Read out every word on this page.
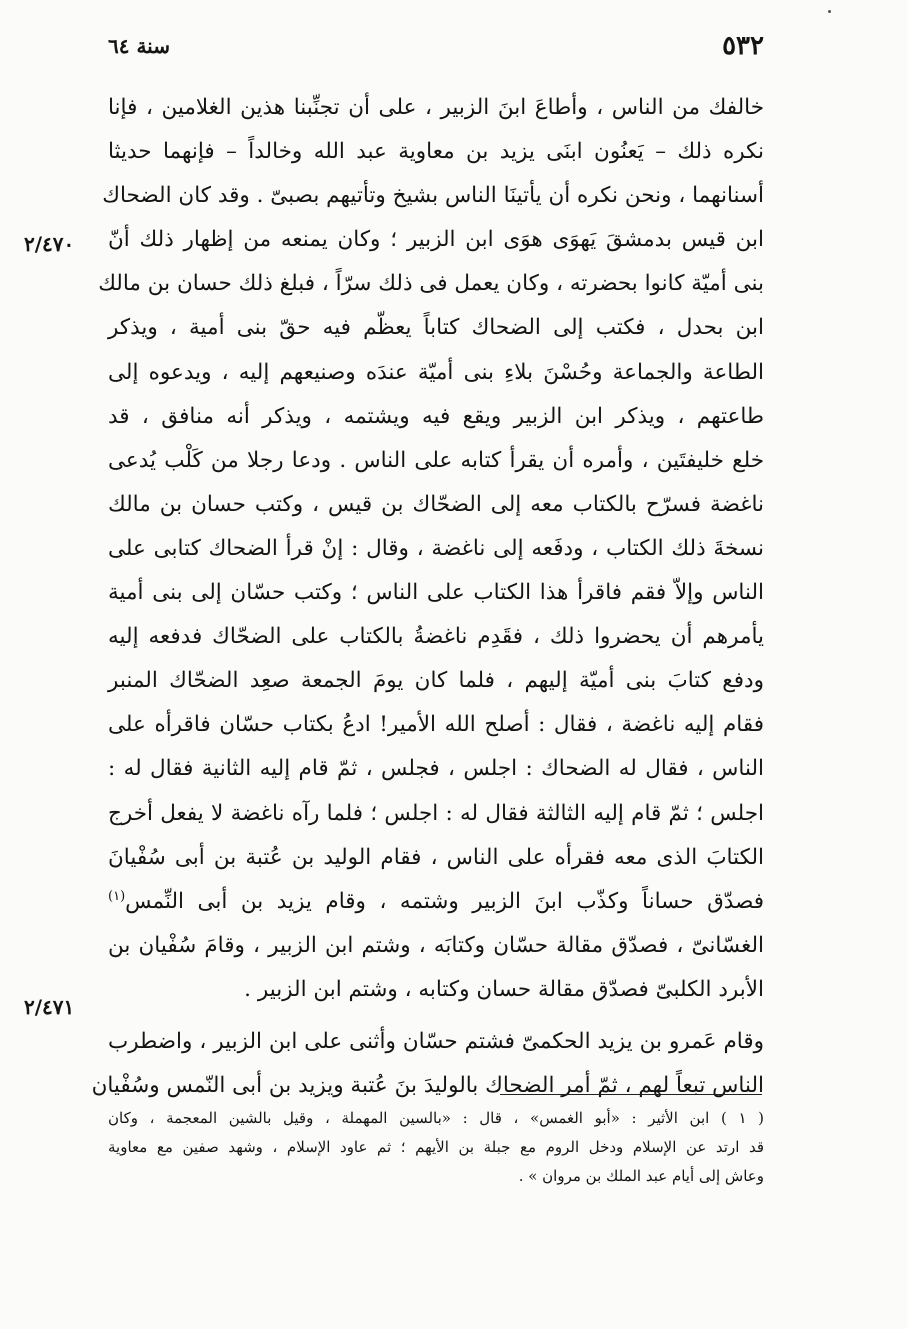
٥٣٢
سنة ٦٤
٢/٤٧٠
٢/٤٧١
خالفك من الناس ، وأطاعَ ابنَ الزبير ، على أن تجنِّبنا هذين الغلامين ، فإنا
نكره ذلك – يَعنُون ابنَى يزيد بن معاوية عبد الله وخالداً – فإنهما حديثا
أسنانهما ، ونحن نكره أن يأتينَا الناس بشيخ وتأتيهم بصبىّ . وقد كان الضحاك
ابن قيس بدمشقَ يَهوَى هوَى ابن الزبير ؛ وكان يمنعه من إظهار ذلك أنّ
بنى أميّة كانوا بحضرته ، وكان يعمل فى ذلك سرّاً ، فبلغ ذلك حسان بن مالك
ابن بحدل ، فكتب إلى الضحاك كتاباً يعظّم فيه حقّ بنى أمية ، ويذكر
الطاعة والجماعة وحُسْنَ بلاءِ بنى أميّة عندَه وصنيعهم إليه ، ويدعوه إلى
طاعتهم ، ويذكر ابن الزبير ويقع فيه ويشتمه ، ويذكر أنه منافق ، قد
خلع خليفتَين ، وأمره أن يقرأ كتابه على الناس . ودعا رجلا من كَلْب يُدعى
ناغضة فسرّح بالكتاب معه إلى الضحّاك بن قيس ، وكتب حسان بن مالك
نسخةَ ذلك الكتاب ، ودفَعه إلى ناغضة ، وقال : إنْ قرأ الضحاك كتابى على
الناس وإلاّ فقم فاقرأ هذا الكتاب على الناس ؛ وكتب حسّان إلى بنى أمية
يأمرهم أن يحضروا ذلك ، فقَدِم ناغضةُ بالكتاب على الضحّاك فدفعه إليه
ودفع كتابَ بنى أميّة إليهم ، فلما كان يومَ الجمعة صعِد الضحّاك المنبر
فقام إليه ناغضة ، فقال : أصلح الله الأمير! ادعُ بكتاب حسّان فاقرأه على
الناس ، فقال له الضحاك : اجلس ، فجلس ، ثمّ قام إليه الثانية فقال له :
اجلس ؛ ثمّ قام إليه الثالثة فقال له : اجلس ؛ فلما رآه ناغضة لا يفعل أخرج
الكتابَ الذى معه فقرأه على الناس ، فقام الوليد بن عُتبة بن أبى سُفْيانَ
فصدّق حساناً وكذّب ابنَ الزبير وشتمه ، وقام يزيد بن أبى النِّمس$^{(١)}$
الغسّانىّ ، فصدّق مقالة حسّان وكتابَه ، وشتم ابن الزبير ، وقامَ سُفْيان بن
الأبرد الكلبىّ فصدّق مقالة حسان وكتابه ، وشتم ابن الزبير .
وقام عَمرو بن يزيد الحكمىّ فشتم حسّان وأثنى على ابن الزبير ، واضطرب
الناس تبعاً لهم ، ثمّ أمر الضحاك بالوليدَ بنَ عُتبة ويزيد بن أبى النّمس وسُفْيان
( ١ ) ابن الأثير : «أبو الغمس» ، قال : «بالسين المهملة ، وقيل بالشين المعجمة ، وكان
قد ارتد عن الإسلام ودخل الروم مع جبلة بن الأيهم ؛ ثم عاود الإسلام ، وشهد صفين مع معاوية
وعاش إلى أيام عبد الملك بن مروان » .
